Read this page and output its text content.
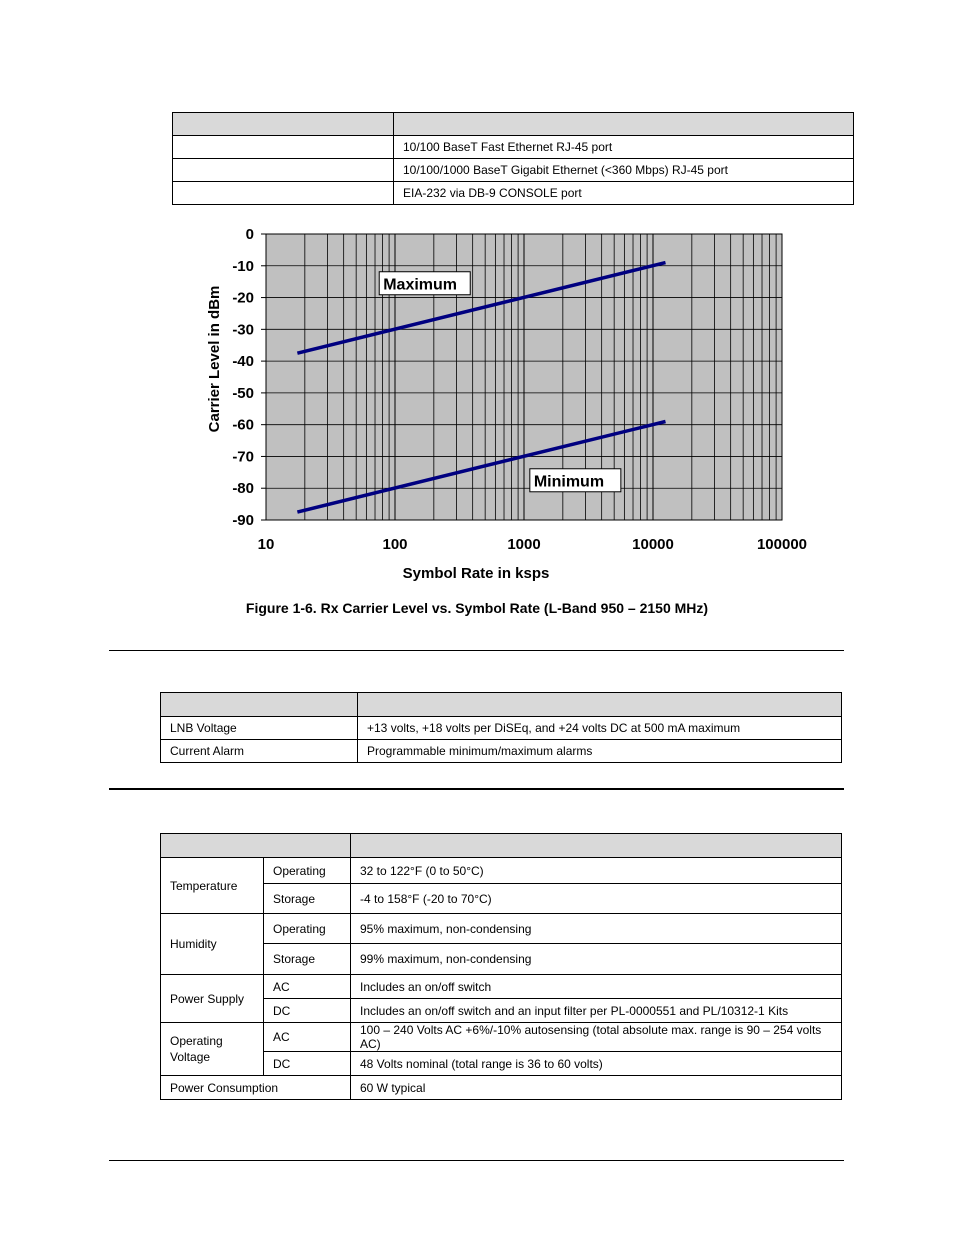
	10/100 BaseT Fast Ethernet RJ-45 port
	10/100/1000 BaseT Gigabit Ethernet (<360 Mbps) RJ-45 port
	EIA-232 via DB-9 CONSOLE port
0
-10
-20
-30
-40
-50
-60
-70
-80
-90
10	100	1000	10000	100000
Maximum
Minimum
Carrier Level in dBm
Symbol Rate in ksps
Figure 1-6. Rx Carrier Level vs. Symbol Rate (L-Band 950 – 2150 MHz)

LNB Voltage	+13 volts, +18 volts per DiSEq, and +24 volts DC at 500 mA maximum
Current Alarm	Programmable minimum/maximum alarms

Temperature	Operating	32 to 122°F (0 to 50°C)
	Storage	-4 to 158°F (-20 to 70°C)
Humidity	Operating	95% maximum, non-condensing
	Storage	99% maximum, non-condensing
Power Supply	AC	Includes an on/off switch
	DC	Includes an on/off switch and an input filter per PL-0000551 and PL/10312-1 Kits
Operating Voltage	AC	100 – 240 Volts AC +6%/-10% autosensing (total absolute max. range is 90 – 254 volts AC)
	DC	48 Volts nominal (total range is 36 to 60 volts)
Power Consumption		60 W typical
